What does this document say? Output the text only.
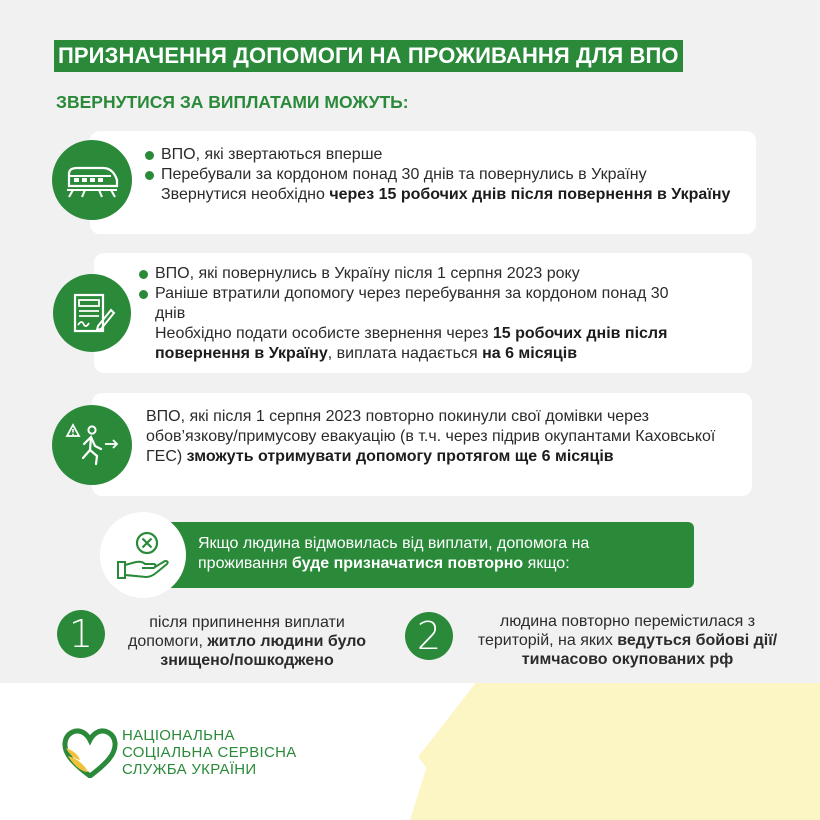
ПРИЗНАЧЕННЯ ДОПОМОГИ НА ПРОЖИВАННЯ ДЛЯ ВПО
ЗВЕРНУТИСЯ ЗА ВИПЛАТАМИ МОЖУТЬ:
ВПО, які звертаються вперше
Перебували за кордоном понад 30 днів та повернулись в Україну
Звернутися необхідно через 15 робочих днів після повернення в Україну
ВПО, які повернулись в Україну після 1 серпня 2023 року
Раніше втратили допомогу через перебування за кордоном понад 30 днів
Необхідно подати особисте звернення через 15 робочих днів після повернення в Україну, виплата надається на 6 місяців
ВПО, які після 1 серпня 2023 повторно покинули свої домівки через обов’язкову/примусову евакуацію (в т.ч. через підрив окупантами Каховської ГЕС) зможуть отримувати допомогу протягом ще 6 місяців
Якщо людина відмовилась від виплати, допомога на проживання буде призначатися повторно якщо:
1	після припинення виплати допомоги, житло людини було знищено/пошкоджено
2	людина повторно перемістилася з територій, на яких ведуться бойові дії/тимчасово окупованих рф
НАЦІОНАЛЬНА
СОЦІАЛЬНА СЕРВІСНА
СЛУЖБА УКРАЇНИ
